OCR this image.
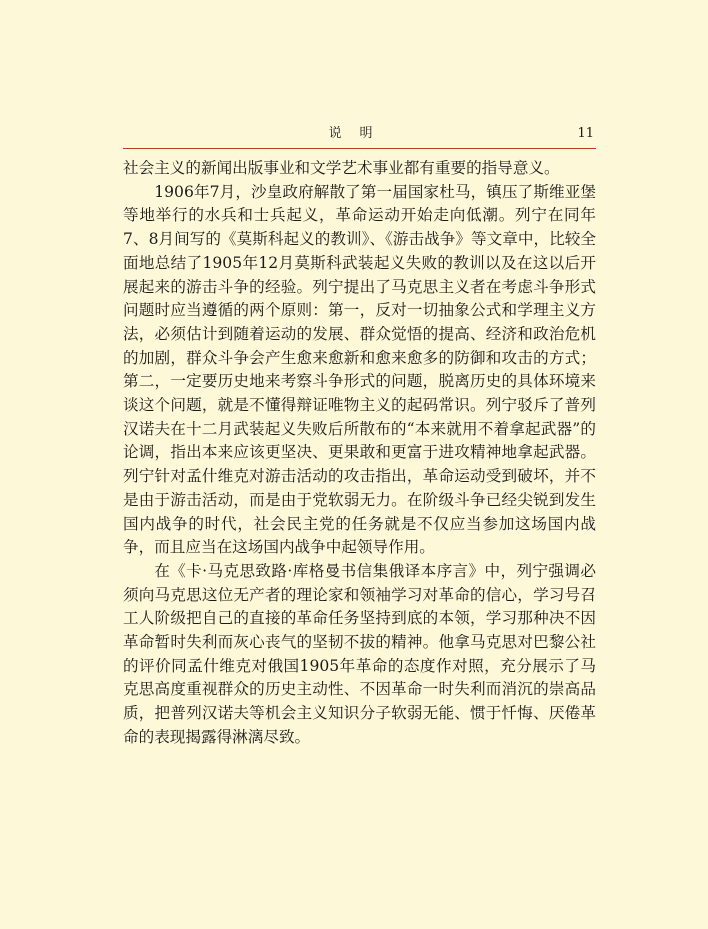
说明	11

社会主义的新闻出版事业和文学艺术事业都有重要的指导意义。

1906年7月，沙皇政府解散了第一届国家杜马，镇压了斯维亚堡等地举行的水兵和士兵起义，革命运动开始走向低潮。列宁在同年7、8月间写的《莫斯科起义的教训》、《游击战争》等文章中，比较全面地总结了1905年12月莫斯科武装起义失败的教训以及在这以后开展起来的游击斗争的经验。列宁提出了马克思主义者在考虑斗争形式问题时应当遵循的两个原则：第一，反对一切抽象公式和学理主义方法，必须估计到随着运动的发展、群众觉悟的提高、经济和政治危机的加剧，群众斗争会产生愈来愈新和愈来愈多的防御和攻击的方式；第二，一定要历史地来考察斗争形式的问题，脱离历史的具体环境来谈这个问题，就是不懂得辩证唯物主义的起码常识。列宁驳斥了普列汉诺夫在十二月武装起义失败后所散布的“本来就用不着拿起武器”的论调，指出本来应该更坚决、更果敢和更富于进攻精神地拿起武器。列宁针对孟什维克对游击活动的攻击指出，革命运动受到破坏，并不是由于游击活动，而是由于党软弱无力。在阶级斗争已经尖锐到发生国内战争的时代，社会民主党的任务就是不仅应当参加这场国内战争，而且应当在这场国内战争中起领导作用。

在《卡·马克思致路·库格曼书信集俄译本序言》中，列宁强调必须向马克思这位无产者的理论家和领袖学习对革命的信心，学习号召工人阶级把自己的直接的革命任务坚持到底的本领，学习那种决不因革命暂时失利而灰心丧气的坚韧不拔的精神。他拿马克思对巴黎公社的评价同孟什维克对俄国1905年革命的态度作对照，充分展示了马克思高度重视群众的历史主动性、不因革命一时失利而消沉的崇高品质，把普列汉诺夫等机会主义知识分子软弱无能、惯于忏悔、厌倦革命的表现揭露得淋漓尽致。
